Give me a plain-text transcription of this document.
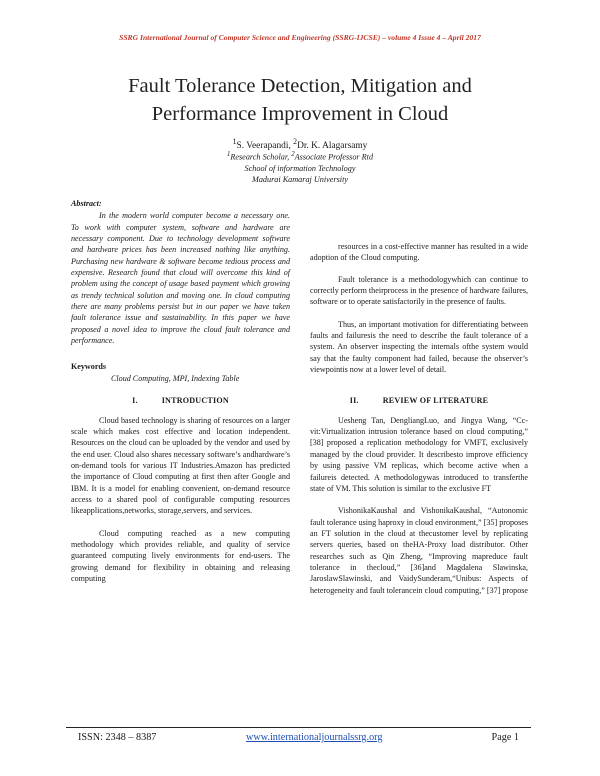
SSRG International Journal of Computer Science and Engineering (SSRG-IJCSE) – volume 4 Issue 4 – April 2017
Fault Tolerance Detection, Mitigation and
Performance Improvement in Cloud
$^1$S. Veerapandi, $^2$Dr. K. Alagarsamy
$^1$Research Scholar, $^2$Associate Professor Rtd
School of information Technology
Madurai Kamaraj University
Abstract:

In the modern world computer become a necessary one. To work with computer system, software and hardware are necessary component. Due to technology development software and hardware prices has been increased nothing like anything. Purchasing new hardware & software become tedious process and expensive. Research found that cloud will overcome this kind of problem using the concept of usage based payment which growing as trendy technical solution and moving one. In cloud computing there are many problems persist but in our paper we have taken fault tolerance issue and sustainability. In this paper we have proposed a novel idea to improve the cloud fault tolerance and performance.

Keywords

Cloud Computing, MPI, Indexing Table

I.	INTRODUCTION

Cloud based technology is sharing of resources on a larger scale which makes cost effective and location independent. Resources on the cloud can be uploaded by the vendor and used by the end user. Cloud also shares necessary software’s andhardware’s on-demand tools for various IT Industries.Amazon has predicted the importance of Cloud computing at first then after Google and IBM. It is a model for enabling convenient, on-demand resource access to a shared pool of configurable computing resources likeapplications,networks, storage,servers, and services.

Cloud computing reached as a new computing methodology which provides reliable, and quality of service guaranteed computing lively environments for end-users. The growing demand for flexibility in obtaining and releasing computing

resources in a cost-effective manner has resulted in a wide adoption of the Cloud computing.

Fault tolerance is a methodologywhich can continue to correctly perform theirprocess in the presence of hardware failures, software or to operate satisfactorily in the presence of faults.

Thus, an important motivation for differentiating between faults and failuresis the need to describe the fault tolerance of a system. An observer inspecting the internals ofthe system would say that the faulty component had failed, because the observer’s viewpointis now at a lower level of detail.

II.	REVIEW OF LITERATURE

Uesheng Tan, DengliangLuo, and Jingya Wang, “Cc-vit:Virtualization intrusion tolerance based on cloud computing,” [38] proposed a replication methodology for VMFT, exclusively managed by the cloud provider. It describesto improve efficiency by using passive VM replicas, which become active when a failureis detected. A methodologywas introduced to transferthe state of VM. This solution is similar to the exclusive FT

VishonikaKaushal and VishonikaKaushal, “Autonomic fault tolerance using haproxy in cloud environment,” [35] proposes an FT solution in the cloud at thecustomer level by replicating servers queries, based on theHA-Proxy load distributor. Other researches such as Qin Zheng, “Improving mapreduce fault tolerance in thecloud,” [36]and Magdalena Slawinska, JaroslawSlawinski, and VaidySunderam,“Unibus: Aspects of heterogeneity and fault tolerancein cloud computing,” [37] propose

ISSN: 2348 – 8387	www.internationaljournalssrg.org	Page 1
